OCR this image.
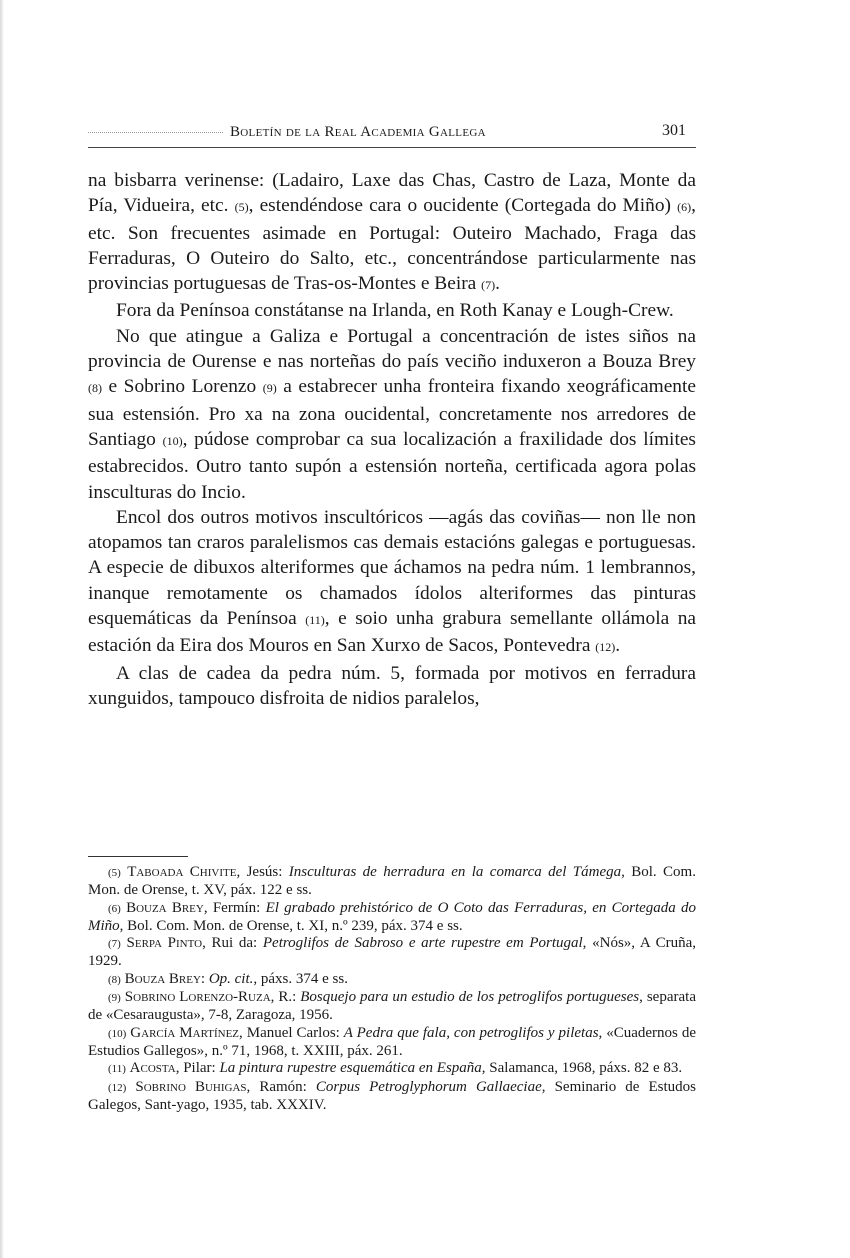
Boletín de la Real Academia Gallega	301

na bisbarra verinense: (Ladairo, Laxe das Chas, Castro de Laza, Monte da Pía, Vidueira, etc. (5), estendéndose cara o oucidente (Cortegada do Miño) (6), etc. Son frecuentes asimade en Portugal: Outeiro Machado, Fraga das Ferraduras, O Outeiro do Salto, etc., concentrándose particularmente nas provincias portuguesas de Tras-os-Montes e Beira (7).

Fora da Penínsoa constátanse na Irlanda, en Roth Kanay e Lough-Crew.

No que atingue a Galiza e Portugal a concentración de istes siños na provincia de Ourense e nas norteñas do país veciño induxeron a Bouza Brey (8) e Sobrino Lorenzo (9) a estabrecer unha fronteira fixando xeográficamente sua estensión. Pro xa na zona oucidental, concretamente nos arredores de Santiago (10), púdose comprobar ca sua localización a fraxilidade dos límites estabrecidos. Outro tanto supón a estensión norteña, certificada agora polas insculturas do Incio.

Encol dos outros motivos inscultóricos —agás das coviñas— non lle non atopamos tan craros paralelismos cas demais estacións galegas e portuguesas. A especie de dibuxos alteriformes que áchamos na pedra núm. 1 lembrannos, inanque remotamente os chamados ídolos alteriformes das pinturas esquemáticas da Penínsoa (11), e soio unha grabura semellante ollámola na estación da Eira dos Mouros en San Xurxo de Sacos, Pontevedra (12).

A clas de cadea da pedra núm. 5, formada por motivos en ferradura xunguidos, tampouco disfroita de nidios paralelos,

(5) Taboada Chivite, Jesús: Insculturas de herradura en la comarca del Támega, Bol. Com. Mon. de Orense, t. XV, páx. 122 e ss.

(6) Bouza Brey, Fermín: El grabado prehistórico de O Coto das Ferraduras, en Cortegada do Miño, Bol. Com. Mon. de Orense, t. XI, n.º 239, páx. 374 e ss.

(7) Serpa Pinto, Rui da: Petroglifos de Sabroso e arte rupestre em Portugal, «Nós», A Cruña, 1929.

(8) Bouza Brey: Op. cit., páxs. 374 e ss.

(9) Sobrino Lorenzo-Ruza, R.: Bosquejo para un estudio de los petroglifos portugueses, separata de «Cesaraugusta», 7-8, Zaragoza, 1956.

(10) García Martínez, Manuel Carlos: A Pedra que fala, con petroglifos y piletas, «Cuadernos de Estudios Gallegos», n.º 71, 1968, t. XXIII, páx. 261.

(11) Acosta, Pilar: La pintura rupestre esquemática en España, Salamanca, 1968, páxs. 82 e 83.

(12) Sobrino Buhigas, Ramón: Corpus Petroglyphorum Gallaeciae, Seminario de Estudos Galegos, Sant-yago, 1935, tab. XXXIV.
